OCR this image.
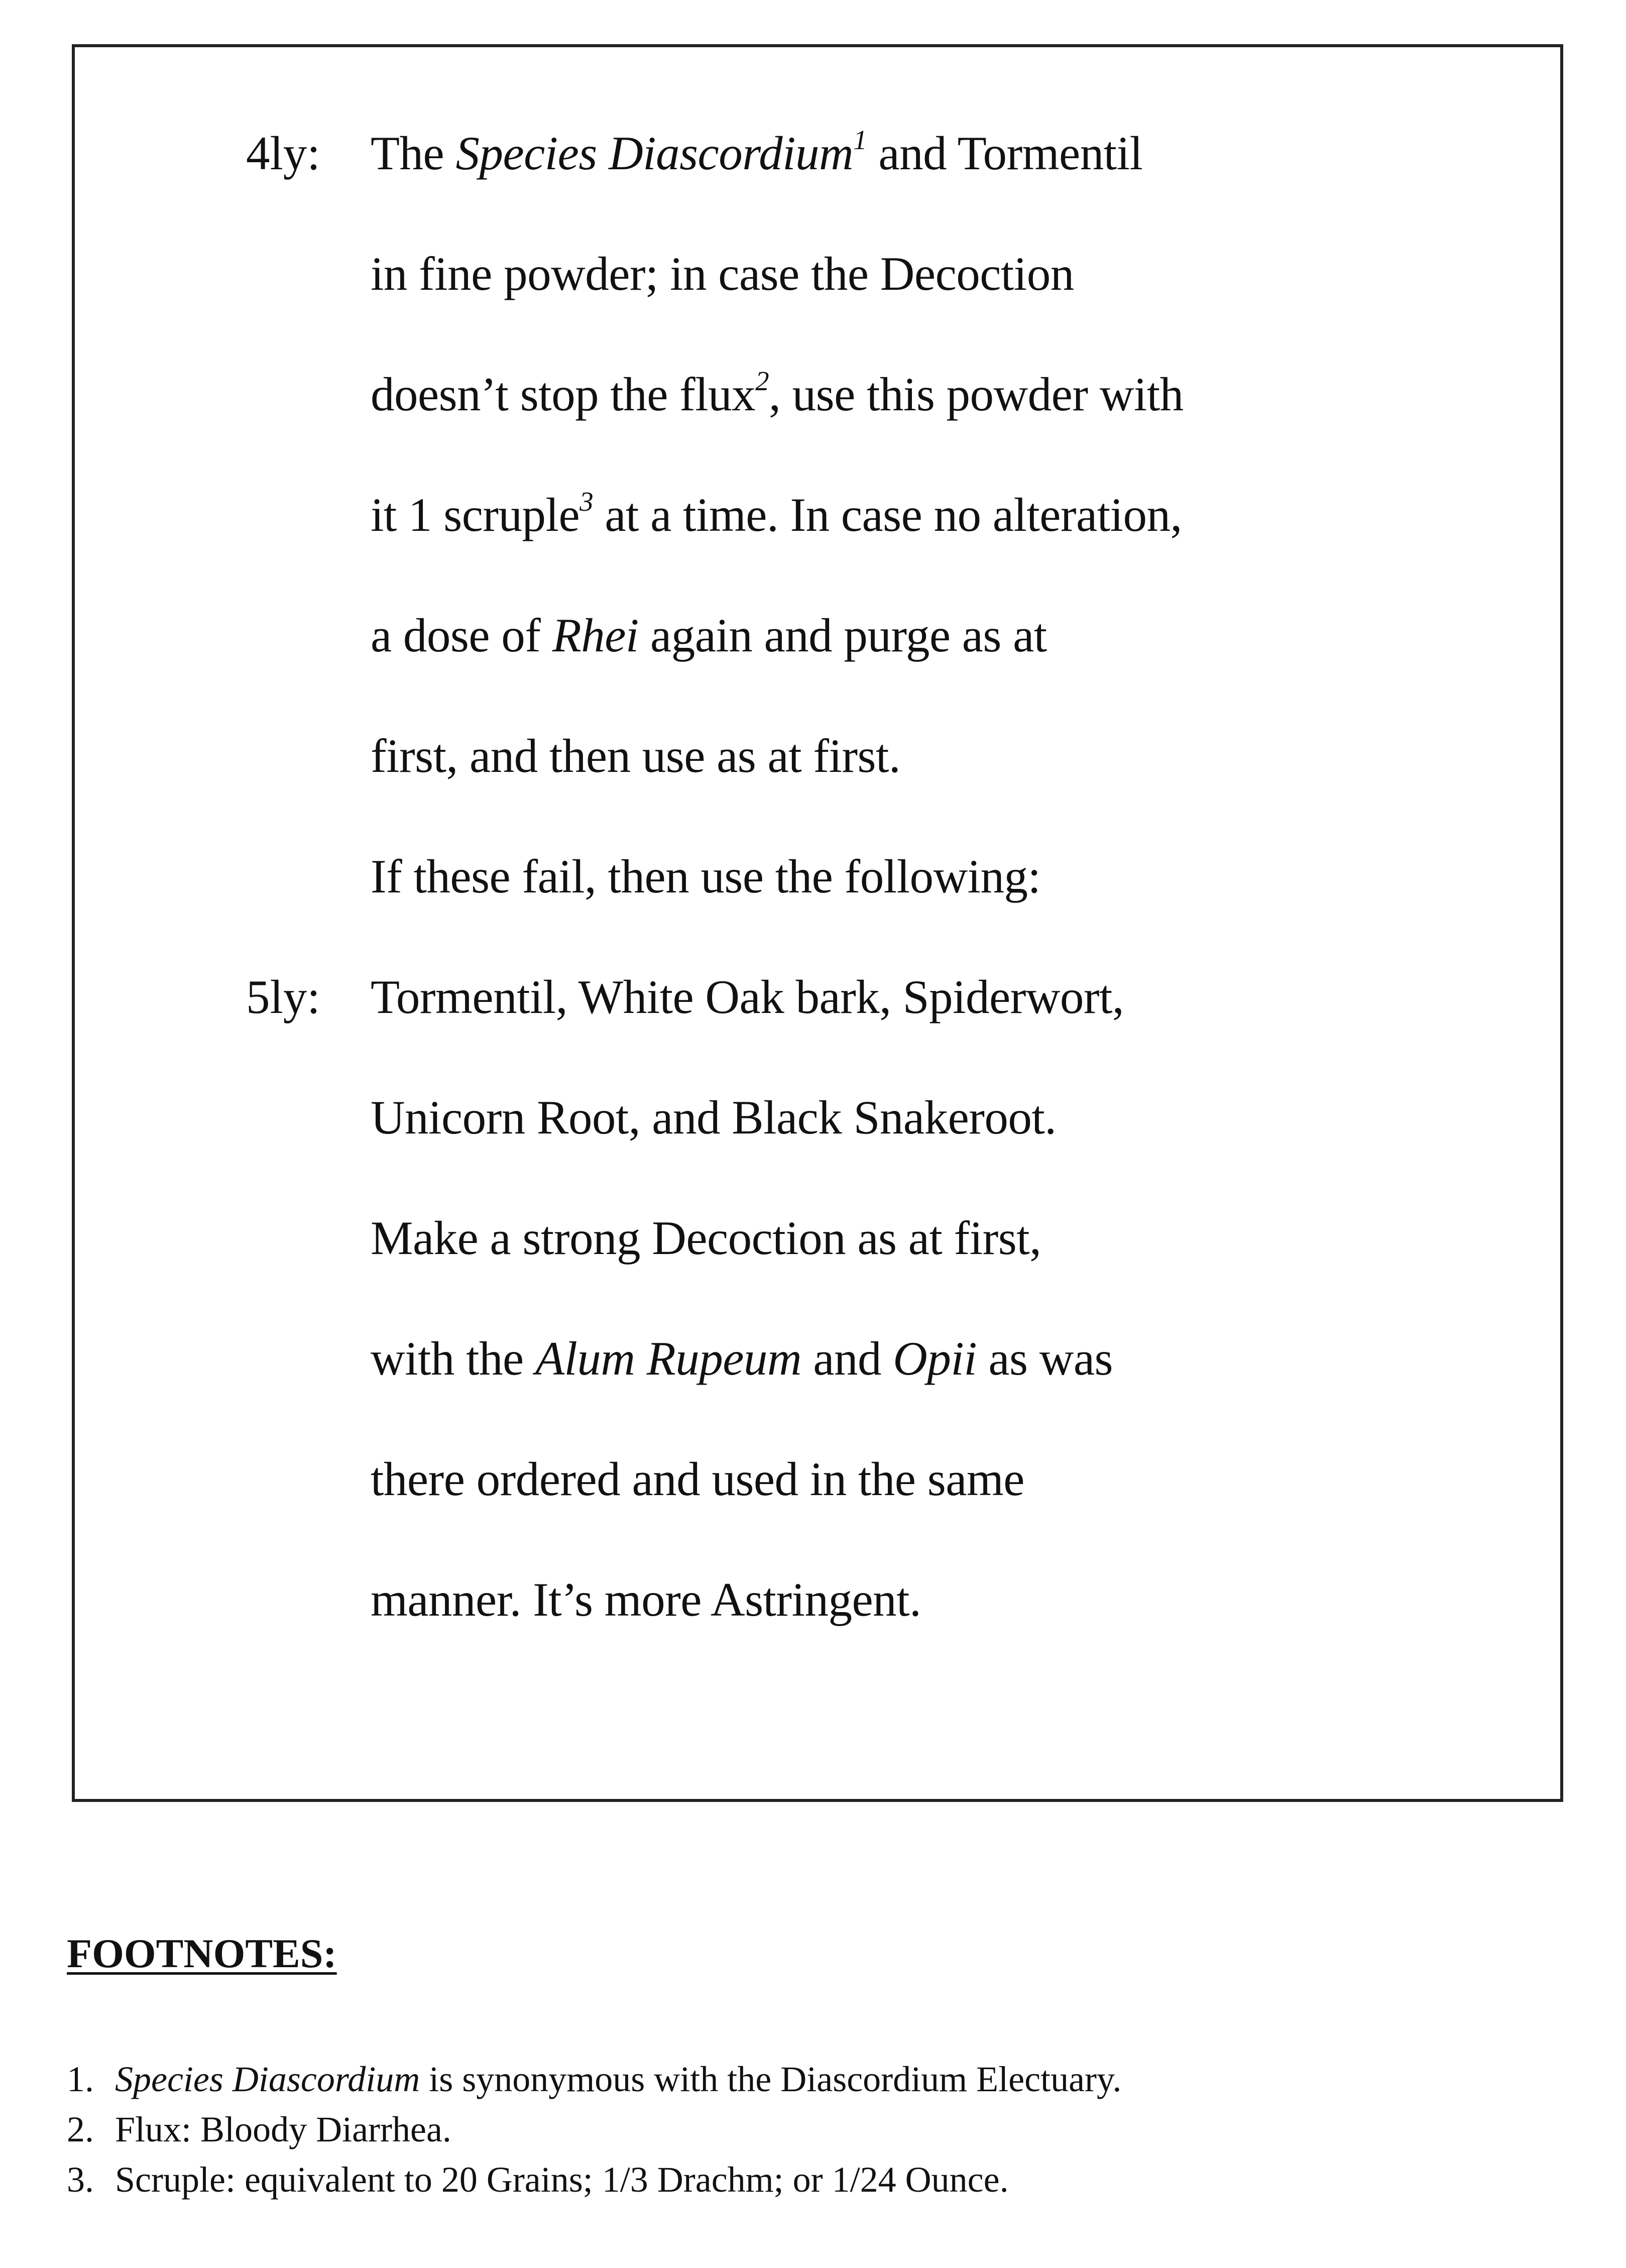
4ly: The Species Diascordium$^1$ and Tormentil
in fine powder; in case the Decoction
doesn’t stop the flux$^2$, use this powder with
it 1 scruple$^3$ at a time. In case no alteration,
a dose of Rhei again and purge as at
first, and then use as at first.
If these fail, then use the following:
5ly: Tormentil, White Oak bark, Spiderwort,
Unicorn Root, and Black Snakeroot.
Make a strong Decoction as at first,
with the Alum Rupeum and Opii as was
there ordered and used in the same
manner. It’s more Astringent.
FOOTNOTES:
1. Species Diascordium is synonymous with the Diascordium Electuary.
2. Flux: Bloody Diarrhea.
3. Scruple: equivalent to 20 Grains; 1/3 Drachm; or 1/24 Ounce.
